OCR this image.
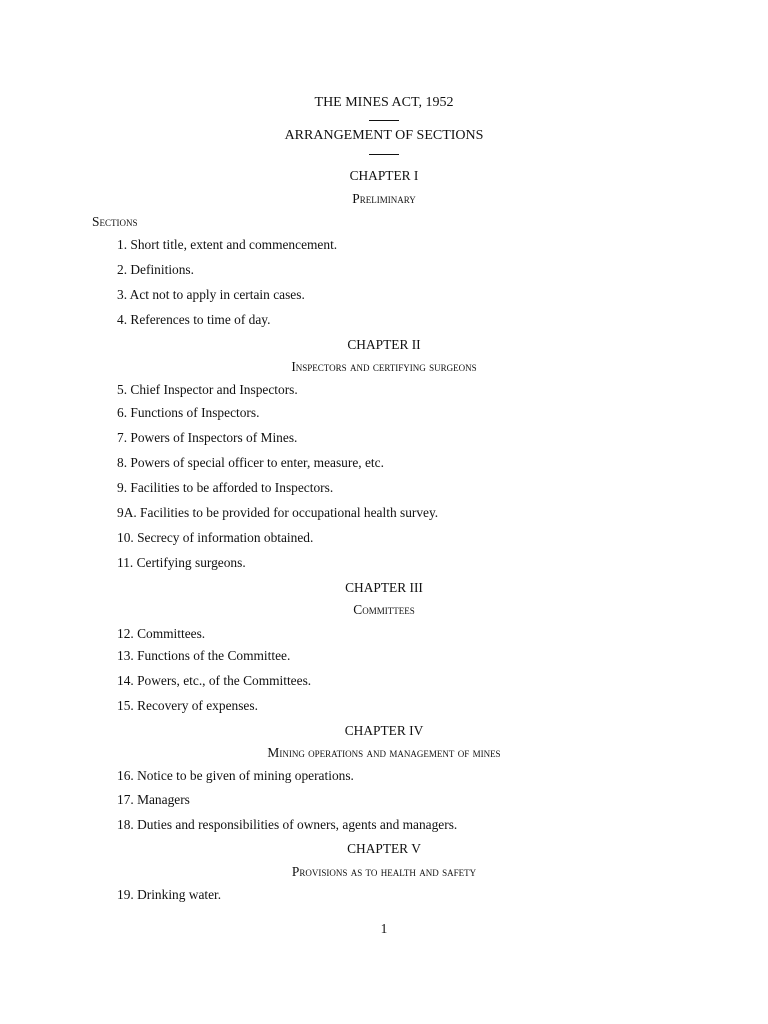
THE MINES ACT, 1952
ARRANGEMENT OF SECTIONS
CHAPTER I
Preliminary
Sections
1. Short title, extent and commencement.
2. Definitions.
3. Act not to apply in certain cases.
4. References to time of day.
CHAPTER II
Inspectors and certifying surgeons
5. Chief Inspector and Inspectors.
6. Functions of Inspectors.
7. Powers of Inspectors of Mines.
8. Powers of special officer to enter, measure, etc.
9. Facilities to be afforded to Inspectors.
9A. Facilities to be provided for occupational health survey.
10. Secrecy of information obtained.
11. Certifying surgeons.
CHAPTER III
Committees
12. Committees.
13. Functions of the Committee.
14. Powers, etc., of the Committees.
15. Recovery of expenses.
CHAPTER IV
Mining operations and management of mines
16. Notice to be given of mining operations.
17. Managers
18. Duties and responsibilities of owners, agents and managers.
CHAPTER V
Provisions as to health and safety
19. Drinking water.
1
